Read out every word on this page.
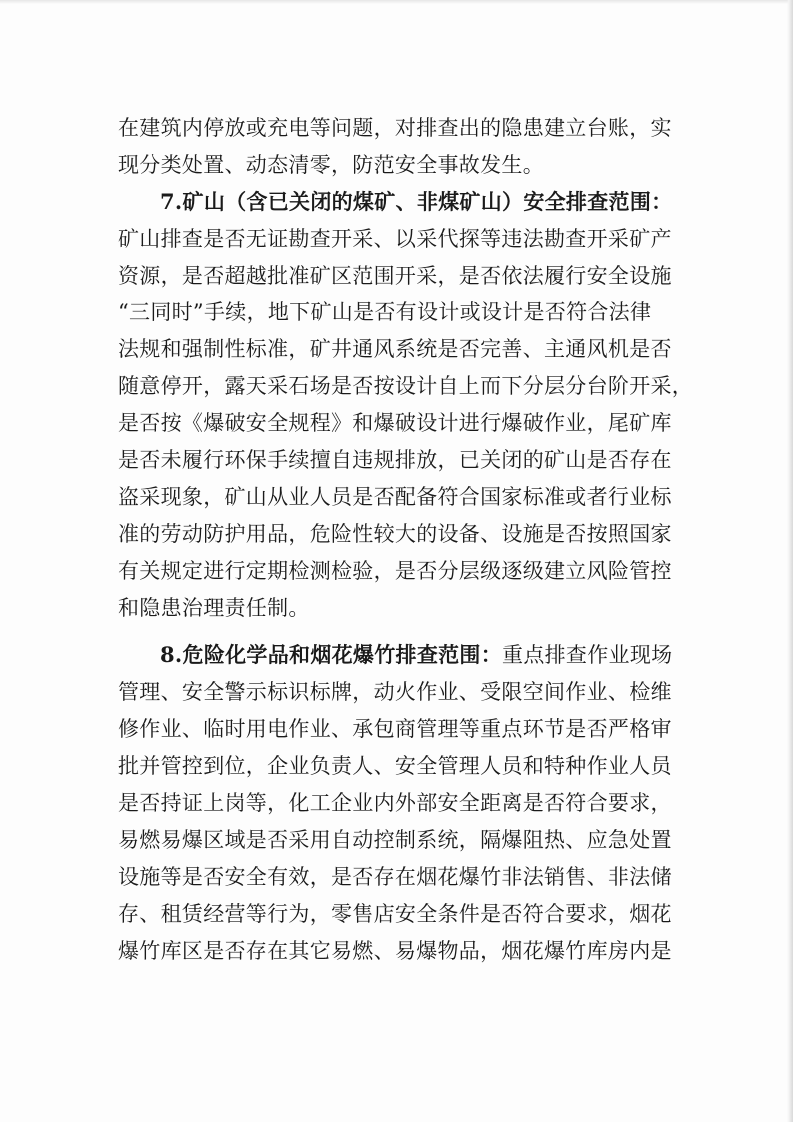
在建筑内停放或充电等问题，对排查出的隐患建立台账，实
现分类处置、动态清零，防范安全事故发生。
7.矿山（含已关闭的煤矿、非煤矿山）安全排查范围：
矿山排查是否无证勘查开采、以采代探等违法勘查开采矿产
资源，是否超越批准矿区范围开采，是否依法履行安全设施
“三同时”手续，地下矿山是否有设计或设计是否符合法律
法规和强制性标准，矿井通风系统是否完善、主通风机是否
随意停开，露天采石场是否按设计自上而下分层分台阶开采，
是否按《爆破安全规程》和爆破设计进行爆破作业，尾矿库
是否未履行环保手续擅自违规排放，已关闭的矿山是否存在
盗采现象，矿山从业人员是否配备符合国家标准或者行业标
准的劳动防护用品，危险性较大的设备、设施是否按照国家
有关规定进行定期检测检验，是否分层级逐级建立风险管控
和隐患治理责任制。
8.危险化学品和烟花爆竹排查范围：重点排查作业现场
管理、安全警示标识标牌，动火作业、受限空间作业、检维
修作业、临时用电作业、承包商管理等重点环节是否严格审
批并管控到位，企业负责人、安全管理人员和特种作业人员
是否持证上岗等，化工企业内外部安全距离是否符合要求，
易燃易爆区域是否采用自动控制系统，隔爆阻热、应急处置
设施等是否安全有效，是否存在烟花爆竹非法销售、非法储
存、租赁经营等行为，零售店安全条件是否符合要求，烟花
爆竹库区是否存在其它易燃、易爆物品，烟花爆竹库房内是
